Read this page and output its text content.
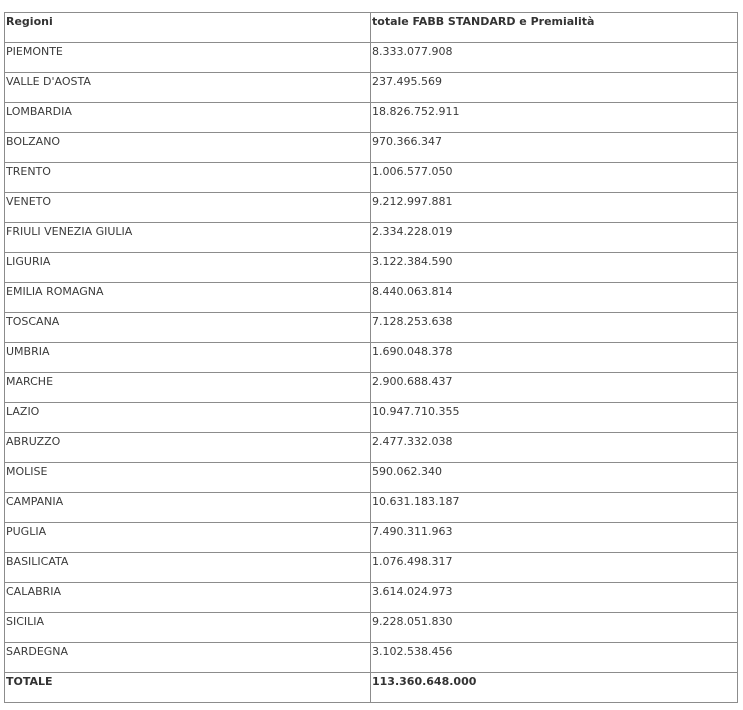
Regioni	totale FABB STANDARD e Premialità

PIEMONTE	8.333.077.908

VALLE D'AOSTA	237.495.569

LOMBARDIA	18.826.752.911

BOLZANO	970.366.347

TRENTO	1.006.577.050

VENETO	9.212.997.881

FRIULI VENEZIA GIULIA	2.334.228.019

LIGURIA	3.122.384.590

EMILIA ROMAGNA	8.440.063.814

TOSCANA	7.128.253.638

UMBRIA	1.690.048.378

MARCHE	2.900.688.437

LAZIO	10.947.710.355

ABRUZZO	2.477.332.038

MOLISE	590.062.340

CAMPANIA	10.631.183.187

PUGLIA	7.490.311.963

BASILICATA	1.076.498.317

CALABRIA	3.614.024.973

SICILIA	9.228.051.830

SARDEGNA	3.102.538.456

TOTALE	113.360.648.000
